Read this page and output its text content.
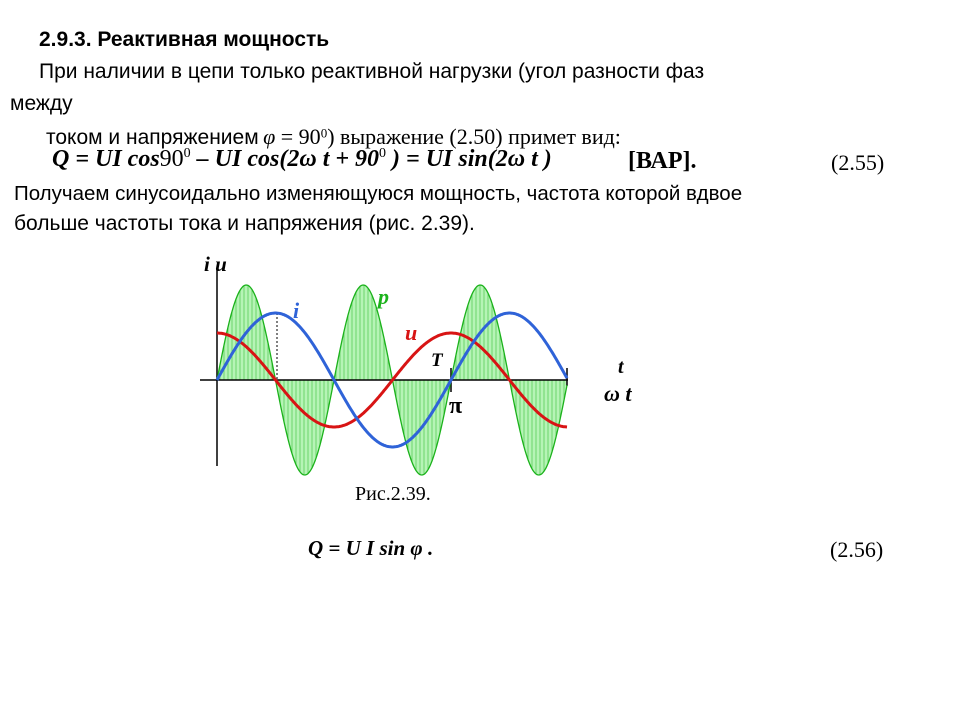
2.9.3. Реактивная мощность
При наличии в цепи только реактивной нагрузки (угол разности фаз
между
током и напряжением $\varphi = 90^0$) выражение (2.50) примет вид:
Q = UI $\cos 90^0$ – UI cos(2ω $t + 90^0$ ) = UI sin(2ω t )	[ВАР].	(2.55)
Получаем синусоидально изменяющуюся мощность, частота которой вдвое
больше частоты тока и напряжения (рис. 2.39).
i u
p
i
u
T	t
ω t
π
Рис.2.39.
Q = U I sin φ .	(2.56)
